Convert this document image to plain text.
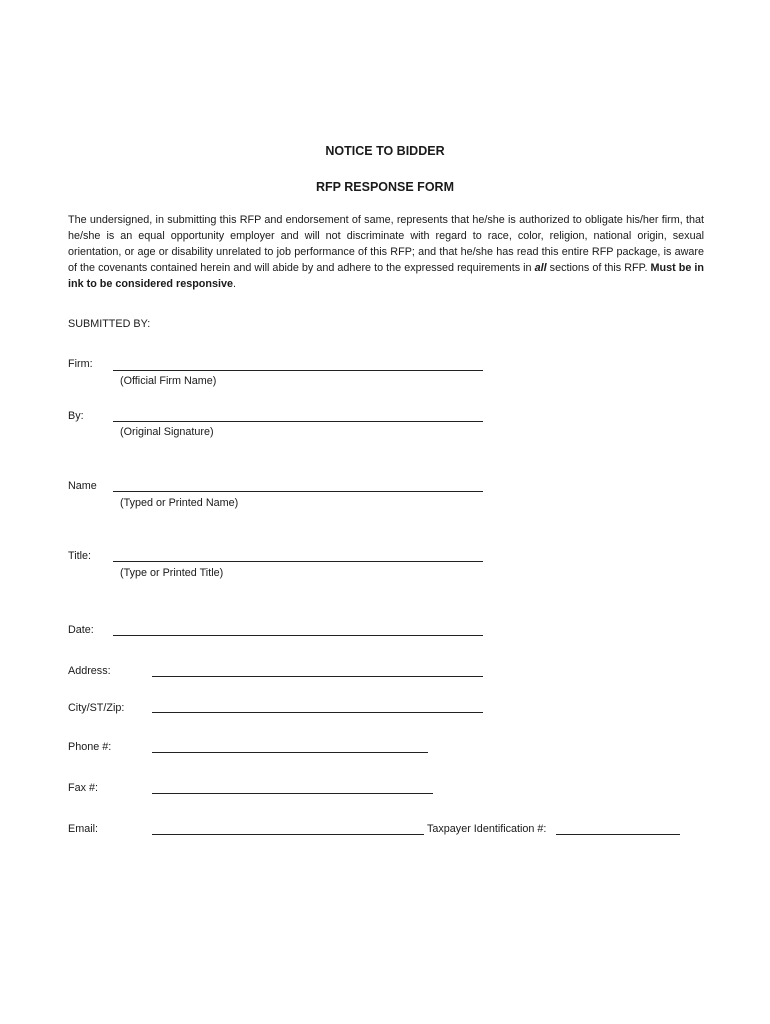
NOTICE TO BIDDER
RFP RESPONSE FORM

The undersigned, in submitting this RFP and endorsement of same, represents that he/she is authorized to obligate his/her firm, that he/she is an equal opportunity employer and will not discriminate with regard to race, color, religion, national origin, sexual orientation, or age or disability unrelated to job performance of this RFP; and that he/she has read this entire RFP package, is aware of the covenants contained herein and will abide by and adhere to the expressed requirements in all sections of this RFP. Must be in ink to be considered responsive.

SUBMITTED BY:

Firm:

(Official Firm Name)

By:

(Original Signature)

Name

(Typed or Printed Name)

Title:

(Type or Printed Title)

Date:

Address:

City/ST/Zip:

Phone #:

Fax #:

Email:	Taxpayer Identification #:
